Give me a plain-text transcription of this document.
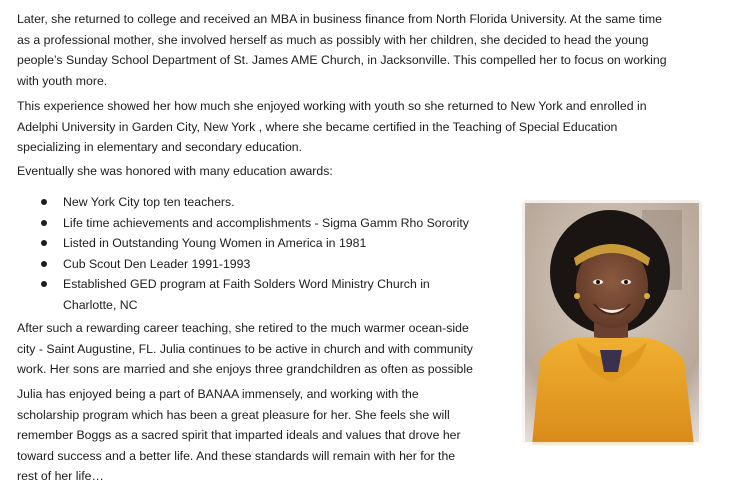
Later, she returned to college and received an MBA in business finance from North Florida University. At the same time
as a professional mother, she involved herself as much as possibly with her children, she decided to head the young
people’s Sunday School Department of St. James AME Church, in Jacksonville. This compelled her to focus on working
with youth more.

This experience showed her how much she enjoyed working with youth so she returned to New York and enrolled in
Adelphi University in Garden City, New York , where she became certified in the Teaching of Special Education
specializing in elementary and secondary education.

Eventually she was honored with many education awards:

New York City top ten teachers.
Life time achievements and accomplishments - Sigma Gamm Rho Sorority
Listed in Outstanding Young Women in America in 1981
Cub Scout Den Leader 1991-1993
Established GED program at Faith Solders Word Ministry Church in
Charlotte, NC

After such a rewarding career teaching, she retired to the much warmer ocean-side
city - Saint Augustine, FL. Julia continues to be active in church and with community
work. Her sons are married and she enjoys three grandchildren as often as possible

Julia has enjoyed being a part of BANAA immensely, and working with the
scholarship program which has been a great pleasure for her. She feels she will
remember Boggs as a sacred spirit that imparted ideals and values that drove her
toward success and a better life. And these standards will remain with her for the
rest of her life…
